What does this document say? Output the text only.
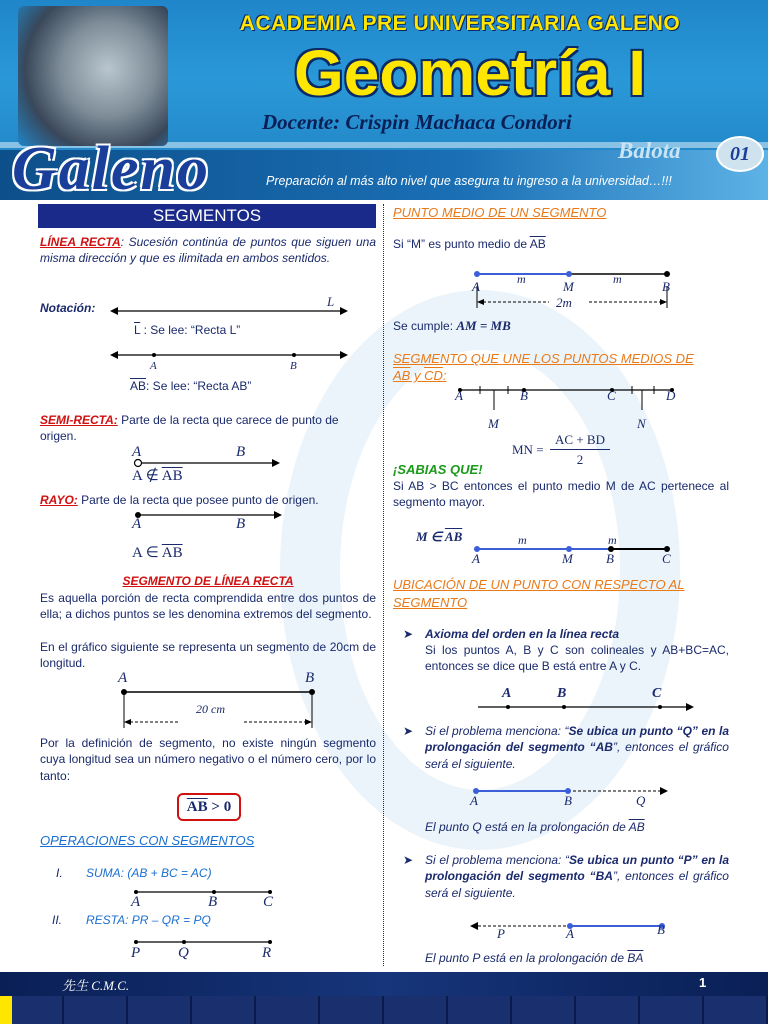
ACADEMIA PRE UNIVERSITARIA GALENO
Geometría I
Docente: Crispin Machaca Condori
Galeno	Balota	01
Preparación al más alto nivel que asegura tu ingreso a la universidad…!!!
SEGMENTOS
LÍNEA RECTA: Sucesión continúa de puntos que siguen una misma dirección y que es ilimitada en ambos sentidos.
Notación:	L
$\overline{L}$ : Se lee: “Recta L”
A	B
$\overline{AB}$: Se lee: “Recta AB”
SEMI-RECTA: Parte de la recta que carece de punto de origen.
A	B
A ∉ $\overline{AB}$
RAYO: Parte de la recta que posee punto de origen.
A	B
A ∈ $\overline{AB}$
SEGMENTO DE LÍNEA RECTA
Es aquella porción de recta comprendida entre dos puntos de ella; a dichos puntos se les denomina extremos del segmento.
En el gráfico siguiente se representa un segmento de 20cm de longitud.
A	B
20 cm
Por la definición de segmento, no existe ningún segmento cuya longitud sea un número negativo o el número cero, por lo tanto:
$\overline{AB} > 0$
OPERACIONES CON SEGMENTOS
I. SUMA: (AB + BC = AC)
A	B	C
II. RESTA: PR – QR = PQ
P	Q	R
PUNTO MEDIO DE UN SEGMENTO
Si “M” es punto medio de $\overline{AB}$
A	m	M	m	B
2m
Se cumple: AM = MB
SEGMENTO QUE UNE LOS PUNTOS MEDIOS DE
AB y CD:
A	B	C	D
M	N
MN =
AC + BD
2
¡SABIAS QUE!
Si AB > BC entonces el punto medio M de AC pertenece al segmento mayor.
M ∈ $\overline{AB}$	m	m
A	M	B	C
UBICACIÓN DE UN PUNTO CON RESPECTO AL SEGMENTO
➤ Axioma del orden en la línea recta
Si los puntos A, B y C son colineales y AB+BC=AC, entonces se dice que B está entre A y C.
A	B	C
➤ Si el problema menciona: “Se ubica un punto “Q” en la prolongación del segmento “AB”, entonces el gráfico será el siguiente.
A	B	Q
El punto Q está en la prolongación de $\overline{AB}$
➤ Si el problema menciona: “Se ubica un punto “P” en la prolongación del segmento “BA”, entonces el gráfico será el siguiente.
P	A	B
El punto P está en la prolongación de $\overline{BA}$
先生 C.M.C.	1
